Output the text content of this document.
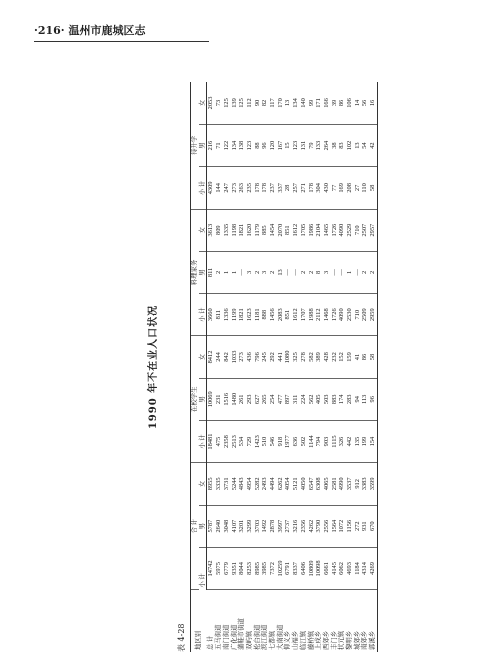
·216· 温州市鹿城区志
1990 年不在业人口状况
表 4-28 地区别	合 计			在校学生			料理家务			待升学		
	小 计	男	女	小 计	男	女	小 计	男	女	小 计	男	女
总 计	14742	5787	8955	18481	10069	8412	3660	811	3613	4309	216	2053
五马街道	5975	2640	3335	475	231	244	811	2	809	144	71	73
南门街道	6779	3048	3731	2358	1516	842	1336	1	1335	247	122	125
广化街道	9351	4107	5244	2513	1480	1033	1199	1	1198	273	134	139
蒲鞋市街道	8044	3201	4843	534	261	273	1821	—	1821	263	138	125
双屿镇	8253	3299	4954	729	293	436	1623	3	1620	235	123	112
松台街道	8985	3703	5282	1423	627	796	1181	2	1179	178	88	90
滨江街道	3985	1492	2493	510	265	245	888	3	885	178	96	82
七都镇	7372	2878	4494	546	254	292	1456	2	1454	237	120	117
大南街道	10259	3997	6262	918	477	441	2083	13	2070	337	167	170
仰义乡	6791	2737	4054	1977	897	1080	851	—	851	28	15	13
山福乡	8337	3216	5121	636	311	325	1612	—	1612	257	123	134
临江镇	6406	2356	4050	502	224	278	1707	2	1705	271	131	140
藤桥镇	10809	4262	6547	1144	562	582	1988	2	1986	178	79	99
上戍乡	10098	3790	6308	794	405	389	2112	8	2104	304	133	171
西郊乡	6661	2556	4065	903	503	428	1468	3	1465	430	264	166
丰门乡	4145	1564	2581	1115	883	232	1726	—	1726	77	38	39
状元镇	6062	1072	4990	326	174	152	4090	—	4090	169	83	86
黎明乡	4693	1156	3537	442	283	159	2530	1	2529	208	102	106
城郊乡	1184	272	912	135	94	41	710	—	710	27	13	14
南郊乡	4314	931	3383	199	113	86	2509	2	2507	110	54	56
郭溪乡	4269	670	3599	154	96	58	2959	2	2957	58	42	16
